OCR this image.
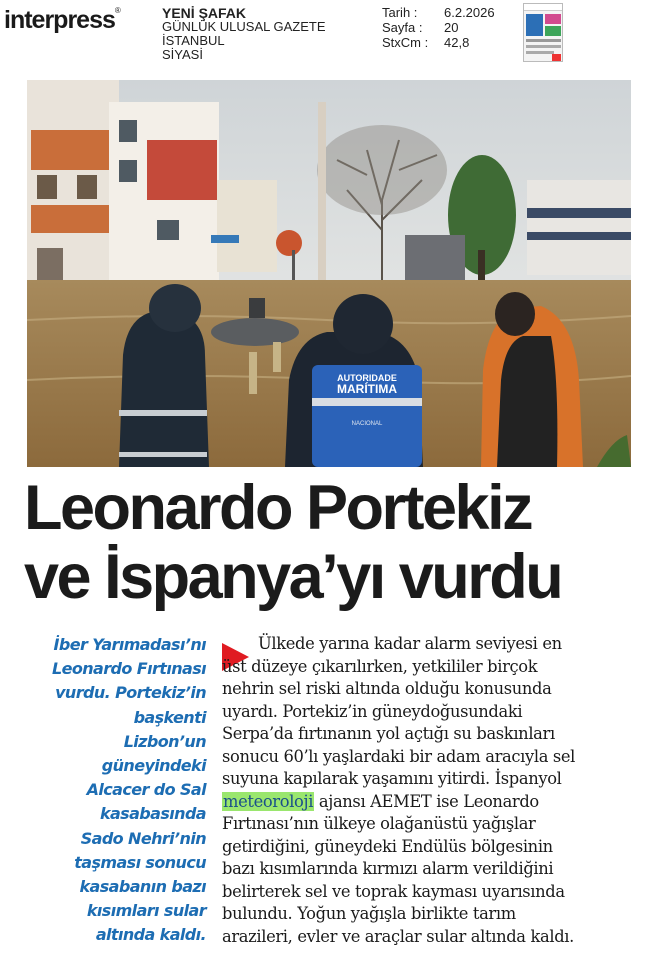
interpress®	YENİ ŞAFAK
GÜNLÜK ULUSAL GAZETE
İSTANBUL
SİYASİ
Tarih :	6.2.2026
Sayfa :	20
StxCm :	42,8
AUTORIDADE
MARÍTIMA
NACIONAL
Leonardo Portekiz
ve İspanya’yı vurdu
İber Yarımadası’nı
Leonardo Fırtınası
vurdu. Portekiz’in
başkenti
Lizbon’un
güneyindeki
Alcacer do Sal
kasabasında
Sado Nehri’nin
taşması sonucu
kasabanın bazı
kısımları sular
altında kaldı.
Ülkede yarına kadar alarm seviyesi en
üst düzeye çıkarılırken, yetkililer birçok
nehrin sel riski altında olduğu konusunda
uyardı. Portekiz’in güneydoğusundaki
Serpa’da fırtınanın yol açtığı su baskınları
sonucu 60’lı yaşlardaki bir adam aracıyla sel
suyuna kapılarak yaşamını yitirdi. İspanyol
meteoroloji ajansı AEMET ise Leonardo
Fırtınası’nın ülkeye olağanüstü yağışlar
getirdiğini, güneydeki Endülüs bölgesinin
bazı kısımlarında kırmızı alarm verildiğini
belirterek sel ve toprak kayması uyarısında
bulundu. Yoğun yağışla birlikte tarım
arazileri, evler ve araçlar sular altında kaldı.
